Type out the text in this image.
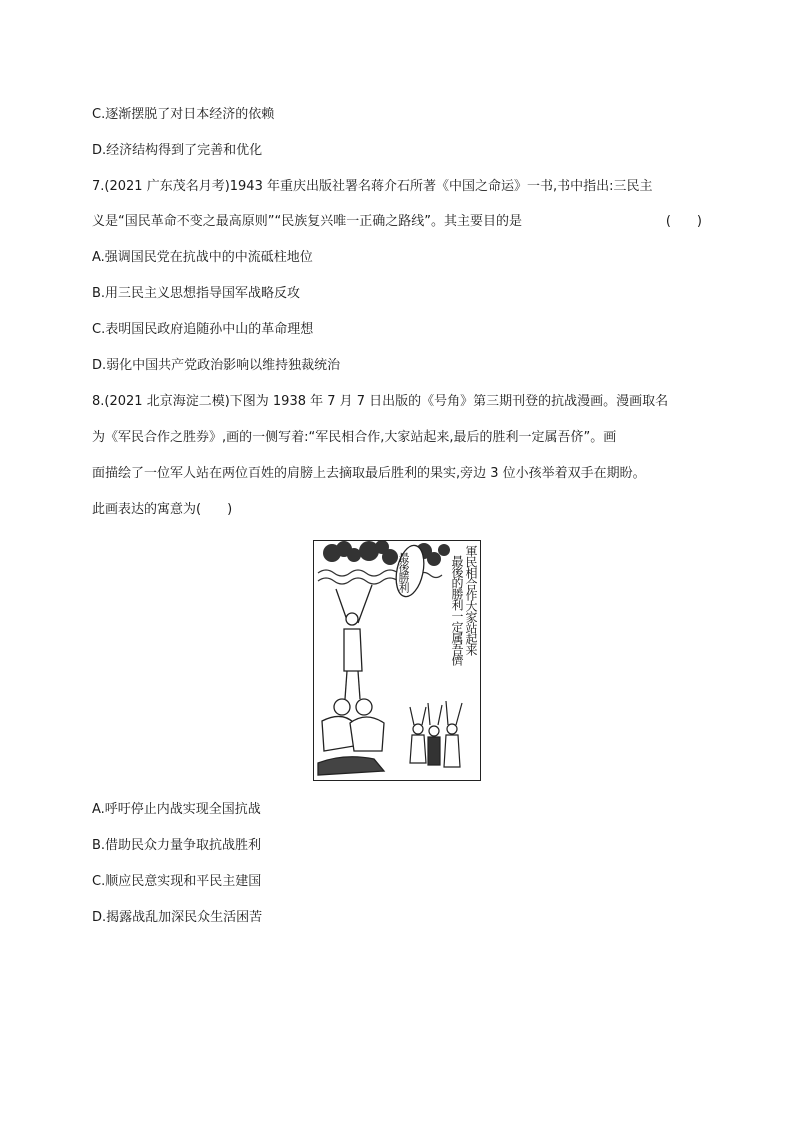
C.逐渐摆脱了对日本经济的依赖
D.经济结构得到了完善和优化
7.(2021 广东茂名月考)1943 年重庆出版社署名蒋介石所著《中国之命运》一书,书中指出:三民主
义是“国民革命不变之最高原则”“民族复兴唯一正确之路线”。其主要目的是	(　　)
A.强调国民党在抗战中的中流砥柱地位
B.用三民主义思想指导国军战略反攻
C.表明国民政府追随孙中山的革命理想
D.弱化中国共产党政治影响以维持独裁统治
8.(2021 北京海淀二模)下图为 1938 年 7 月 7 日出版的《号角》第三期刊登的抗战漫画。漫画取名
为《军民合作之胜券》,画的一侧写着:“军民相合作,大家站起来,最后的胜利一定属吾侪”。画
面描绘了一位军人站在两位百姓的肩膀上去摘取最后胜利的果实,旁边 3 位小孩举着双手在期盼。
此画表达的寓意为(　　)
最後勝利	軍民相合作大家站起来
最後的勝利一定属吾儕
A.呼吁停止内战实现全国抗战
B.借助民众力量争取抗战胜利
C.顺应民意实现和平民主建国
D.揭露战乱加深民众生活困苦
